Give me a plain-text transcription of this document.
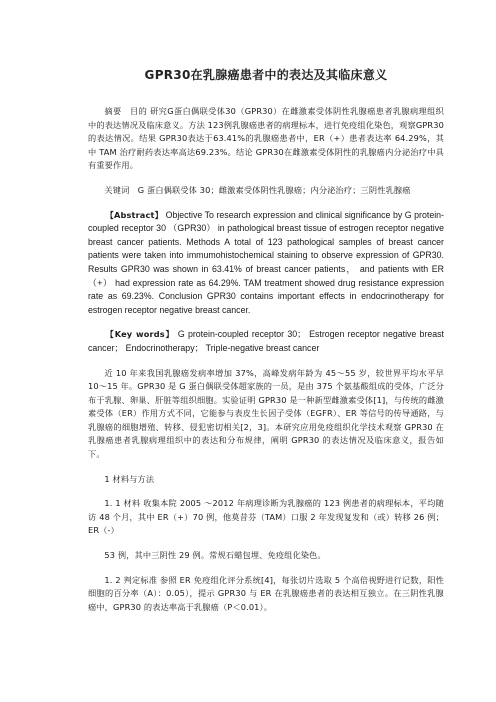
GPR30在乳腺癌患者中的表达及其临床意义

摘要　目的 研究G蛋白偶联受体30（GPR30）在雌激素受体阴性乳腺癌患者乳腺病理组织中的表达情况及临床意义。方法 123例乳腺癌患者的病理标本，进行免疫组化染色，观察GPR30的表达情况。结果 GPR30表达于63.41%的乳腺癌患者中，ER（+）患者表达率 64.29%，其中 TAM 治疗耐药表达率高达69.23%。结论 GPR30在雌激素受体阴性的乳腺癌内分泌治疗中具有重要作用。

关键词　G 蛋白偶联受体 30；雌激素受体阴性乳腺癌；内分泌治疗；三阴性乳腺癌

【Abstract】 Objective To research expression and clinical significance by G protein-coupled receptor 30 （GPR30） in pathological breast tissue of estrogen receptor negative breast cancer patients. Methods A total of 123 pathological samples of breast cancer patients were taken into immumohistochemical staining to observe expression of GPR30. Results GPR30 was shown in 63.41% of breast cancer patients， and patients with ER（+） had expression rate as 64.29%. TAM treatment showed drug resistance expression rate as 69.23%. Conclusion GPR30 contains important effects in endocrinotherapy for estrogen receptor negative breast cancer.

【Key words】 G protein-coupled receptor 30； Estrogen receptor negative breast cancer； Endocrinotherapy； Triple-negative breast cancer

近 10 年来我国乳腺癌发病率增加 37%，高峰发病年龄为 45～55 岁，较世界平均水平早 10～15 年。GPR30 是 G 蛋白偶联受体超家族的一员，是由 375 个氨基酸组成的受体，广泛分布于乳腺、卵巢、肝脏等组织细胞。实验证明 GPR30 是一种新型雌激素受体[1]，与传统的雌激素受体（ER）作用方式不同，它能参与表皮生长因子受体（EGFR）、ER 等信号的传导通路，与乳腺癌的细胞增殖、转移、侵犯密切相关[2，3]。本研究应用免疫组织化学技术观察 GPR30 在乳腺癌患者乳腺病理组织中的表达和分布规律，阐明 GPR30 的表达情况及临床意义，报告如下。

1 材料与方法

1. 1 材料 收集本院 2005 ～2012 年病理诊断为乳腺癌的 123 例患者的病理标本，平均随访 48 个月，其中 ER（+）70 例，他莫昔芬（TAM）口服 2 年发现复发和（或）转移 26 例；ER（-）

53 例，其中三阴性 29 例。常规石蜡包埋、免疫组化染色。

1. 2 判定标准 参照 ER 免疫组化评分系统[4]，每张切片选取 5 个高倍视野进行记数，阳性细胞的百分率（A）：0.05），提示 GPR30 与 ER 在乳腺癌患者的表达相互独立。在三阴性乳腺癌中，GPR30 的表达率高于乳腺癌（P＜0.01）。
